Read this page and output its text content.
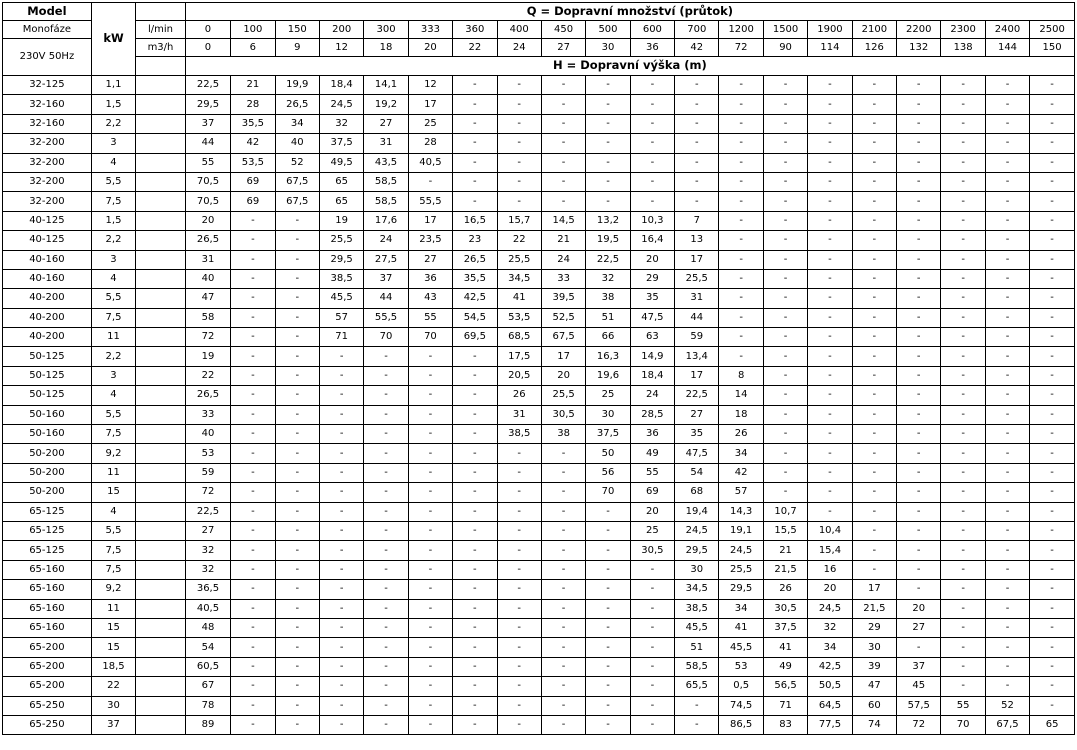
Model	kW		Q = Dopravní množství (průtok)																			
Monofáze		l/min	0	100	150	200	300	333	360	400	450	500	600	700	1200	1500	1900	2100	2200	2300	2400	2500
230V 50Hz		m3/h	0	6	9	12	18	20	22	24	27	30	36	42	72	90	114	126	132	138	144	150
			H = Dopravní výška (m)																			
32-125	1,1		22,5	21	19,9	18,4	14,1	12	-	-	-	-	-	-	-	-	-	-	-	-	-	-
32-160	1,5		29,5	28	26,5	24,5	19,2	17	-	-	-	-	-	-	-	-	-	-	-	-	-	-
32-160	2,2		37	35,5	34	32	27	25	-	-	-	-	-	-	-	-	-	-	-	-	-	-
32-200	3		44	42	40	37,5	31	28	-	-	-	-	-	-	-	-	-	-	-	-	-	-
32-200	4		55	53,5	52	49,5	43,5	40,5	-	-	-	-	-	-	-	-	-	-	-	-	-	-
32-200	5,5		70,5	69	67,5	65	58,5	-	-	-	-	-	-	-	-	-	-	-	-	-	-	-
32-200	7,5		70,5	69	67,5	65	58,5	55,5	-	-	-	-	-	-	-	-	-	-	-	-	-	-
40-125	1,5		20	-	-	19	17,6	17	16,5	15,7	14,5	13,2	10,3	7	-	-	-	-	-	-	-	-
40-125	2,2		26,5	-	-	25,5	24	23,5	23	22	21	19,5	16,4	13	-	-	-	-	-	-	-	-
40-160	3		31	-	-	29,5	27,5	27	26,5	25,5	24	22,5	20	17	-	-	-	-	-	-	-	-
40-160	4		40	-	-	38,5	37	36	35,5	34,5	33	32	29	25,5	-	-	-	-	-	-	-	-
40-200	5,5		47	-	-	45,5	44	43	42,5	41	39,5	38	35	31	-	-	-	-	-	-	-	-
40-200	7,5		58	-	-	57	55,5	55	54,5	53,5	52,5	51	47,5	44	-	-	-	-	-	-	-	-
40-200	11		72	-	-	71	70	70	69,5	68,5	67,5	66	63	59	-	-	-	-	-	-	-	-
50-125	2,2		19	-	-	-	-	-	-	17,5	17	16,3	14,9	13,4	-	-	-	-	-	-	-	-
50-125	3		22	-	-	-	-	-	-	20,5	20	19,6	18,4	17	8	-	-	-	-	-	-	-
50-125	4		26,5	-	-	-	-	-	-	26	25,5	25	24	22,5	14	-	-	-	-	-	-	-
50-160	5,5		33	-	-	-	-	-	-	31	30,5	30	28,5	27	18	-	-	-	-	-	-	-
50-160	7,5		40	-	-	-	-	-	-	38,5	38	37,5	36	35	26	-	-	-	-	-	-	-
50-200	9,2		53	-	-	-	-	-	-	-	-	50	49	47,5	34	-	-	-	-	-	-	-
50-200	11		59	-	-	-	-	-	-	-	-	56	55	54	42	-	-	-	-	-	-	-
50-200	15		72	-	-	-	-	-	-	-	-	70	69	68	57	-	-	-	-	-	-	-
65-125	4		22,5	-	-	-	-	-	-	-	-	-	20	19,4	14,3	10,7	-	-	-	-	-	-
65-125	5,5		27	-	-	-	-	-	-	-	-	-	25	24,5	19,1	15,5	10,4	-	-	-	-	-
65-125	7,5		32	-	-	-	-	-	-	-	-	-	30,5	29,5	24,5	21	15,4	-	-	-	-	-
65-160	7,5		32	-	-	-	-	-	-	-	-	-	-	30	25,5	21,5	16	-	-	-	-	-
65-160	9,2		36,5	-	-	-	-	-	-	-	-	-	-	34,5	29,5	26	20	17	-	-	-	-
65-160	11		40,5	-	-	-	-	-	-	-	-	-	-	38,5	34	30,5	24,5	21,5	20	-	-	-
65-160	15		48	-	-	-	-	-	-	-	-	-	-	45,5	41	37,5	32	29	27	-	-	-
65-200	15		54	-	-	-	-	-	-	-	-	-	-	51	45,5	41	34	30	-	-	-	-
65-200	18,5		60,5	-	-	-	-	-	-	-	-	-	-	58,5	53	49	42,5	39	37	-	-	-
65-200	22		67	-	-	-	-	-	-	-	-	-	-	65,5	0,5	56,5	50,5	47	45	-	-	-
65-250	30		78	-	-	-	-	-	-	-	-	-	-	-	74,5	71	64,5	60	57,5	55	52	-
65-250	37		89	-	-	-	-	-	-	-	-	-	-	-	86,5	83	77,5	74	72	70	67,5	65
